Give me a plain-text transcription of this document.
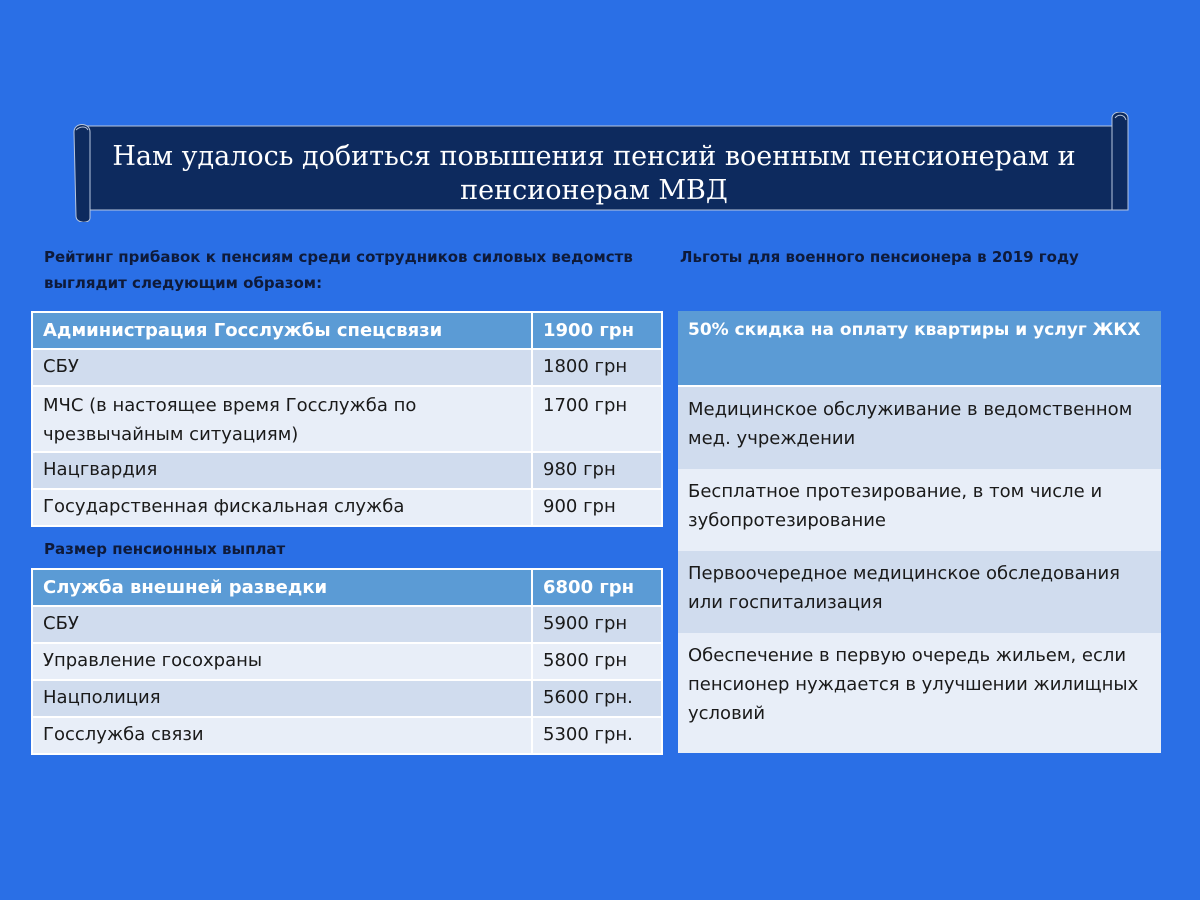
Нам удалось добиться повышения пенсий военным пенсионерам и пенсионерам МВД
Рейтинг прибавок к пенсиям среди сотрудников силовых ведомств выглядит следующим образом:
Администрация Госслужбы спецсвязи	1900 грн
СБУ	1800 грн
МЧС (в настоящее время Госслужба по чрезвычайным ситуациям)	1700 грн
Нацгвардия	980 грн
Государственная фискальная служба	900 грн
Размер пенсионных выплат
Служба внешней разведки	6800 грн
СБУ	5900 грн
Управление госохраны	5800 грн
Нацполиция	5600 грн.
Госслужба связи	5300 грн.
Льготы для военного пенсионера в 2019 году
50% скидка на оплату квартиры и услуг ЖКХ
Медицинское обслуживание в ведомственном мед. учреждении
Бесплатное протезирование, в том числе и зубопротезирование
Первоочередное медицинское обследования или госпитализация
Обеспечение в первую очередь жильем, если пенсионер нуждается в улучшении жилищных условий
